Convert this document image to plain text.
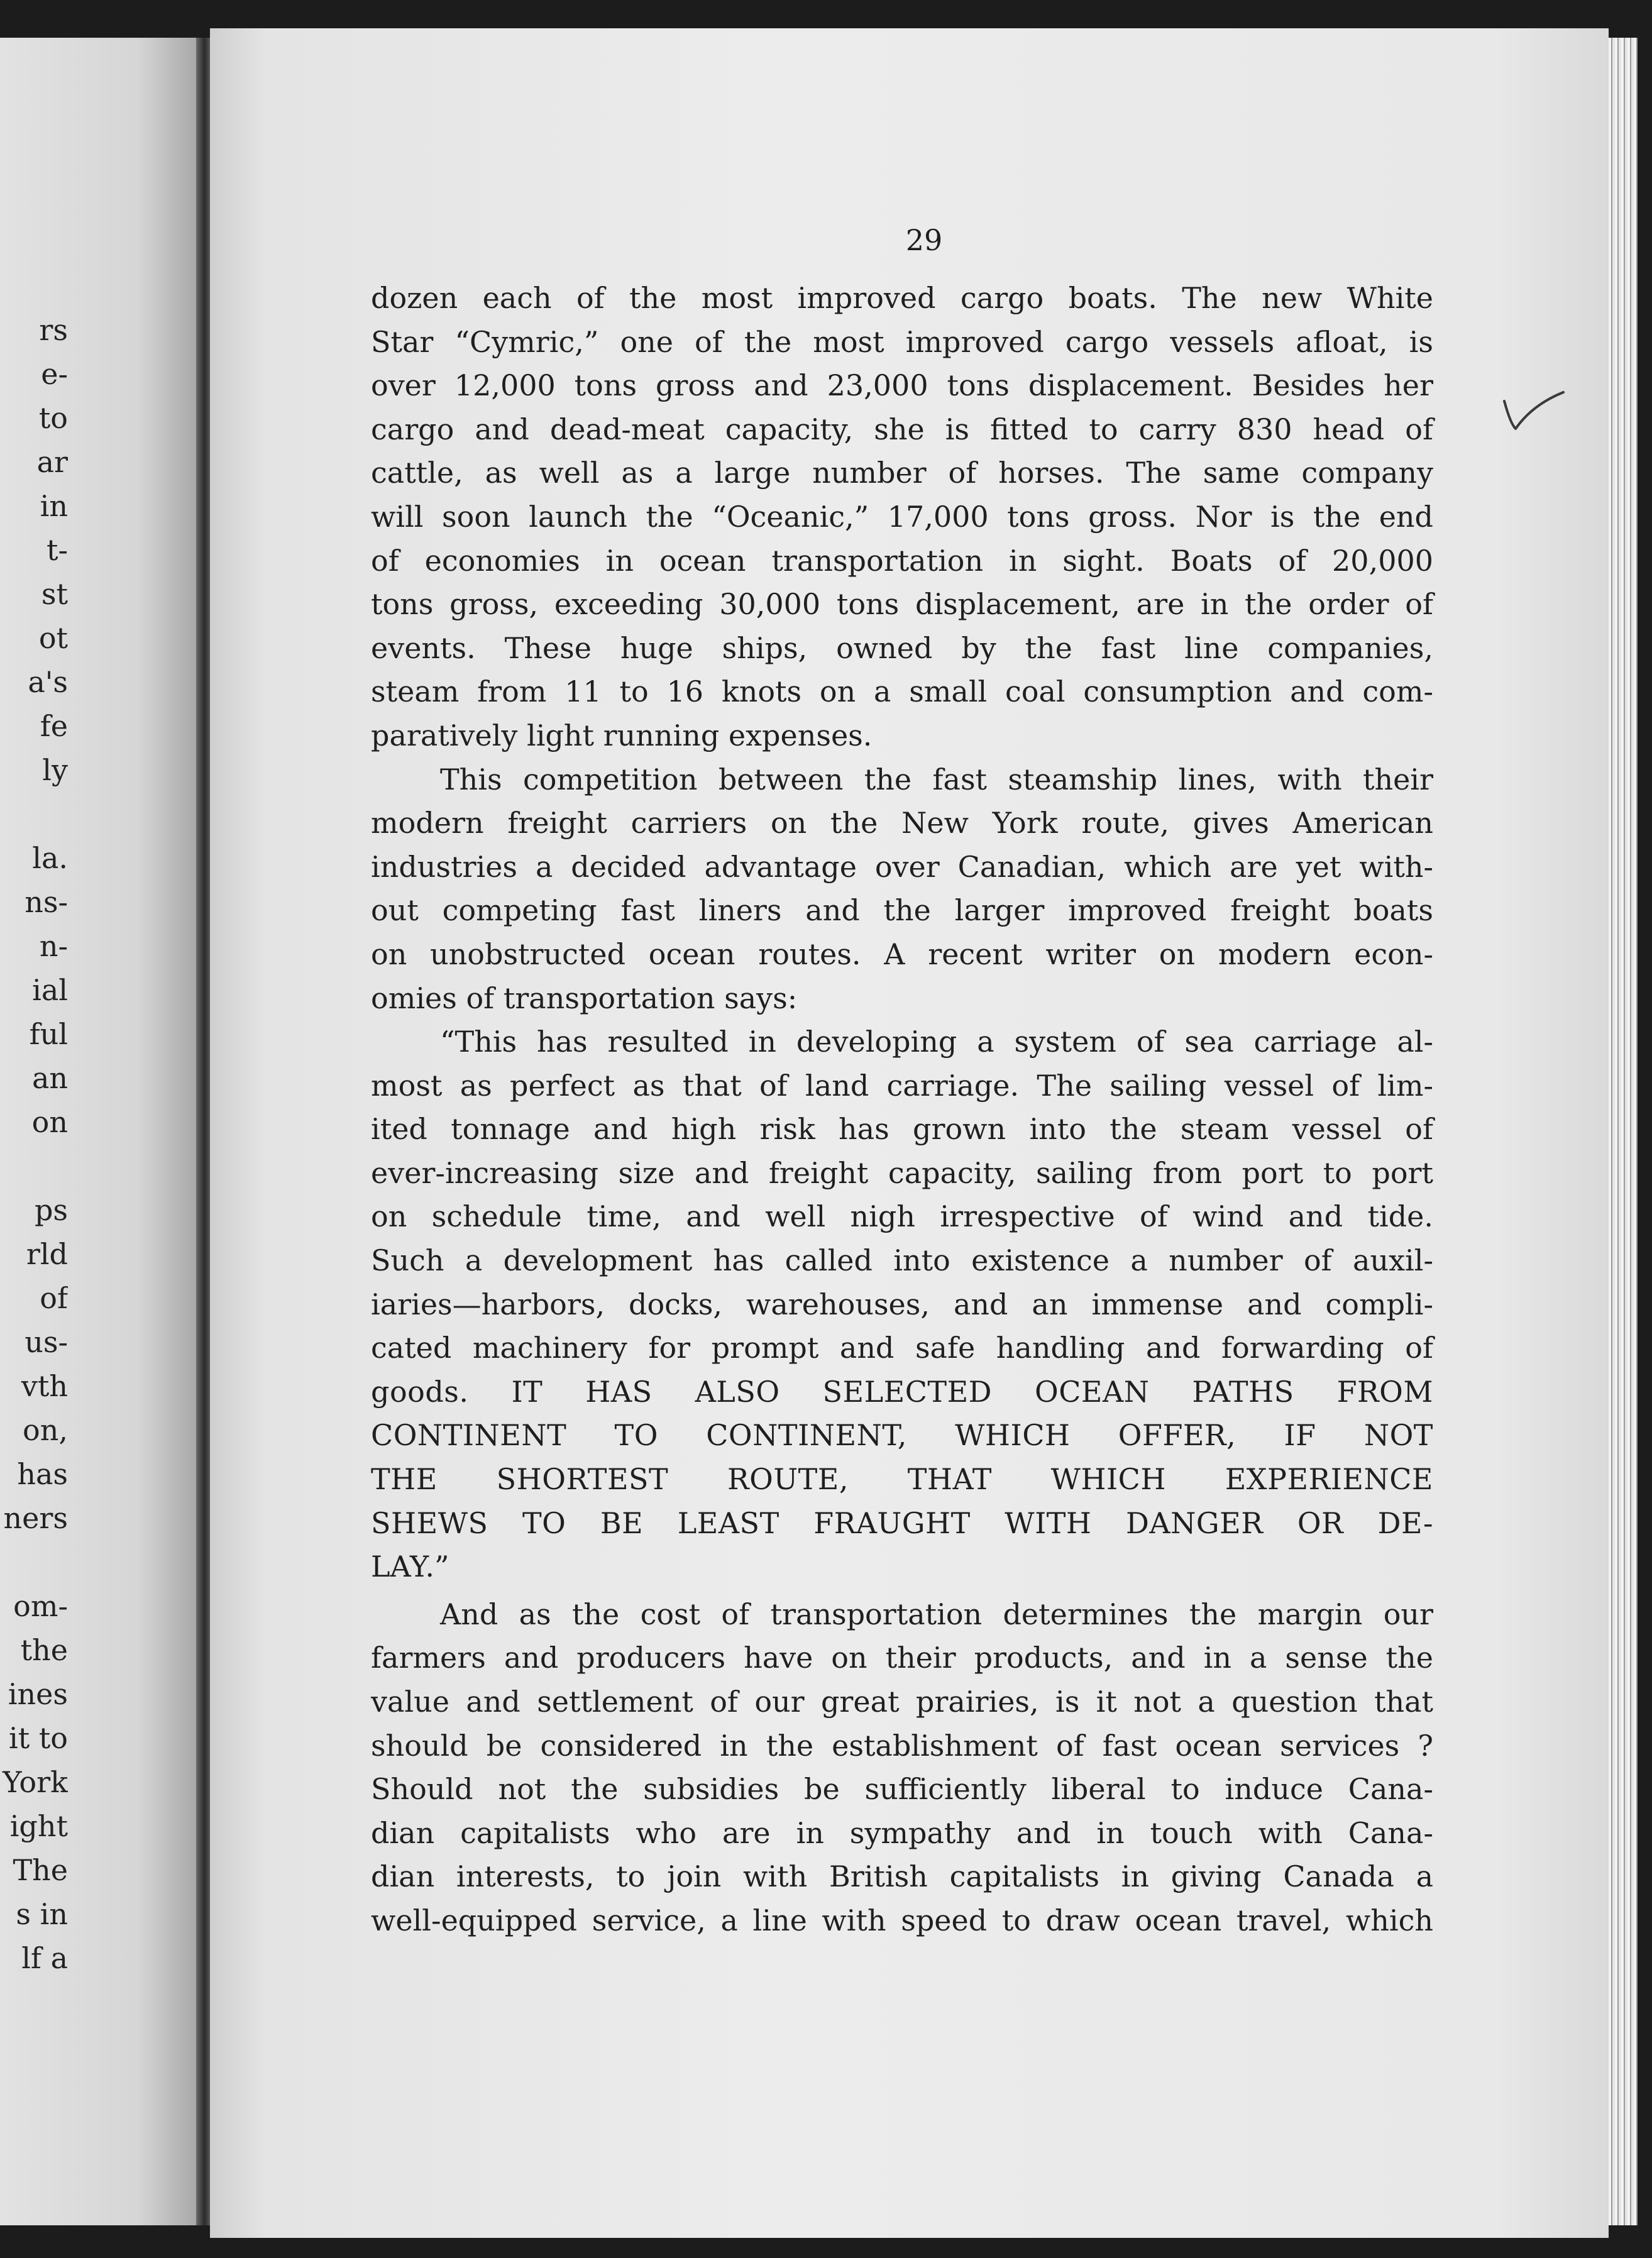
rs
e-
to
ar
in
t-
st
ot
a's
fe
ly
la.
ns-
n-
ial
ful
an
on
ps
rld
of
us-
vth
on,
has
ners
om-
the
ines
it to
York
ight
The
s in
lf a
29
dozen each of the most improved cargo boats. The new White
Star “Cymric,” one of the most improved cargo vessels afloat, is
over 12,000 tons gross and 23,000 tons displacement. Besides her
cargo and dead-meat capacity, she is fitted to carry 830 head of
cattle, as well as a large number of horses. The same company
will soon launch the “Oceanic,” 17,000 tons gross. Nor is the end
of economies in ocean transportation in sight. Boats of 20,000
tons gross, exceeding 30,000 tons displacement, are in the order of
events. These huge ships, owned by the fast line companies,
steam from 11 to 16 knots on a small coal consumption and com-
paratively light running expenses.
This competition between the fast steamship lines, with their
modern freight carriers on the New York route, gives American
industries a decided advantage over Canadian, which are yet with-
out competing fast liners and the larger improved freight boats
on unobstructed ocean routes. A recent writer on modern econ-
omies of transportation says:
“This has resulted in developing a system of sea carriage al-
most as perfect as that of land carriage. The sailing vessel of lim-
ited tonnage and high risk has grown into the steam vessel of
ever-increasing size and freight capacity, sailing from port to port
on schedule time, and well nigh irrespective of wind and tide.
Such a development has called into existence a number of auxil-
iaries—harbors, docks, warehouses, and an immense and compli-
cated machinery for prompt and safe handling and forwarding of
goods. IT HAS ALSO SELECTED OCEAN PATHS FROM
CONTINENT TO CONTINENT, WHICH OFFER, IF NOT
THE SHORTEST ROUTE, THAT WHICH EXPERIENCE
SHEWS TO BE LEAST FRAUGHT WITH DANGER OR DE-
LAY.”
And as the cost of transportation determines the margin our
farmers and producers have on their products, and in a sense the
value and settlement of our great prairies, is it not a question that
should be considered in the establishment of fast ocean services ?
Should not the subsidies be sufficiently liberal to induce Cana-
dian capitalists who are in sympathy and in touch with Cana-
dian interests, to join with British capitalists in giving Canada a
well-equipped service, a line with speed to draw ocean travel, which
